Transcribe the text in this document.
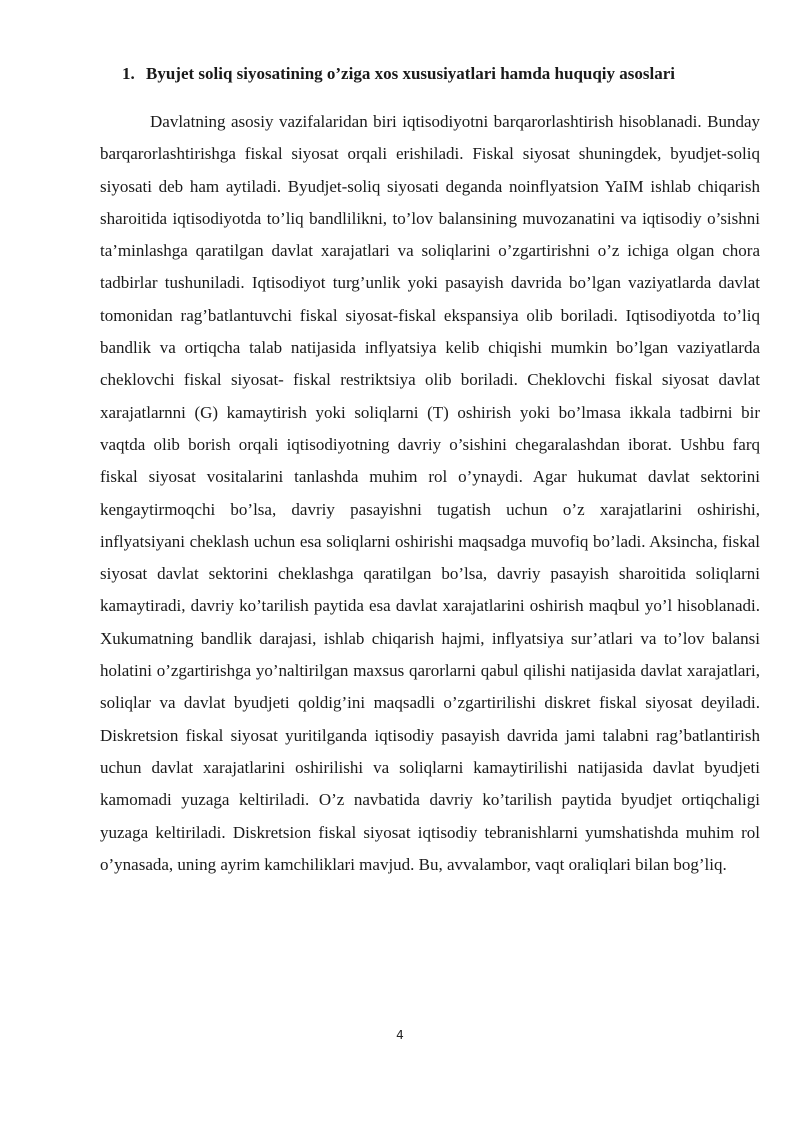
1. Byujet soliq siyosatining o’ziga xos xususiyatlari hamda huquqiy asoslari

Davlatning asosiy vazifalaridan biri iqtisodiyotni barqarorlashtirish hisoblanadi. Bunday barqarorlashtirishga fiskal siyosat orqali erishiladi. Fiskal siyosat shuningdek, byudjet-soliq siyosati deb ham aytiladi. Byudjet-soliq siyosati deganda noinflyatsion YaIM ishlab chiqarish sharoitida iqtisodiyotda to’liq bandlilikni, to’lov balansining muvozanatini va iqtisodiy o’sishni ta’minlashga qaratilgan davlat xarajatlari va soliqlarini o’zgartirishni o’z ichiga olgan chora tadbirlar tushuniladi. Iqtisodiyot turg’unlik yoki pasayish davrida bo’lgan vaziyatlarda davlat tomonidan rag’batlantuvchi fiskal siyosat-fiskal ekspansiya olib boriladi. Iqtisodiyotda to’liq bandlik va ortiqcha talab natijasida inflyatsiya kelib chiqishi mumkin bo’lgan vaziyatlarda cheklovchi fiskal siyosat- fiskal restriktsiya olib boriladi. Cheklovchi fiskal siyosat davlat xarajatlarnni (G) kamaytirish yoki soliqlarni (T) oshirish yoki bo’lmasa ikkala tadbirni bir vaqtda olib borish orqali iqtisodiyotning davriy o’sishini chegaralashdan iborat. Ushbu farq fiskal siyosat vositalarini tanlashda muhim rol o’ynaydi. Agar hukumat davlat sektorini kengaytirmoqchi bo’lsa, davriy pasayishni tugatish uchun o’z xarajatlarini oshirishi, inflyatsiyani cheklash uchun esa soliqlarni oshirishi maqsadga muvofiq bo’ladi. Aksincha, fiskal siyosat davlat sektorini cheklashga qaratilgan bo’lsa, davriy pasayish sharoitida soliqlarni kamaytiradi, davriy ko’tarilish paytida esa davlat xarajatlarini oshirish maqbul yo’l hisoblanadi. Xukumatning bandlik darajasi, ishlab chiqarish hajmi, inflyatsiya sur’atlari va to’lov balansi holatini o’zgartirishga yo’naltirilgan maxsus qarorlarni qabul qilishi natijasida davlat xarajatlari, soliqlar va davlat byudjeti qoldig’ini maqsadli o’zgartirilishi diskret fiskal siyosat deyiladi. Diskretsion fiskal siyosat yuritilganda iqtisodiy pasayish davrida jami talabni rag’batlantirish uchun davlat xarajatlarini oshirilishi va soliqlarni kamaytirilishi natijasida davlat byudjeti kamomadi yuzaga keltiriladi. O’z navbatida davriy ko’tarilish paytida byudjet ortiqchaligi yuzaga keltiriladi. Diskretsion fiskal siyosat iqtisodiy tebranishlarni yumshatishda muhim rol o’ynasada, uning ayrim kamchiliklari mavjud. Bu, avvalambor, vaqt oraliqlari bilan bog’liq.

4
